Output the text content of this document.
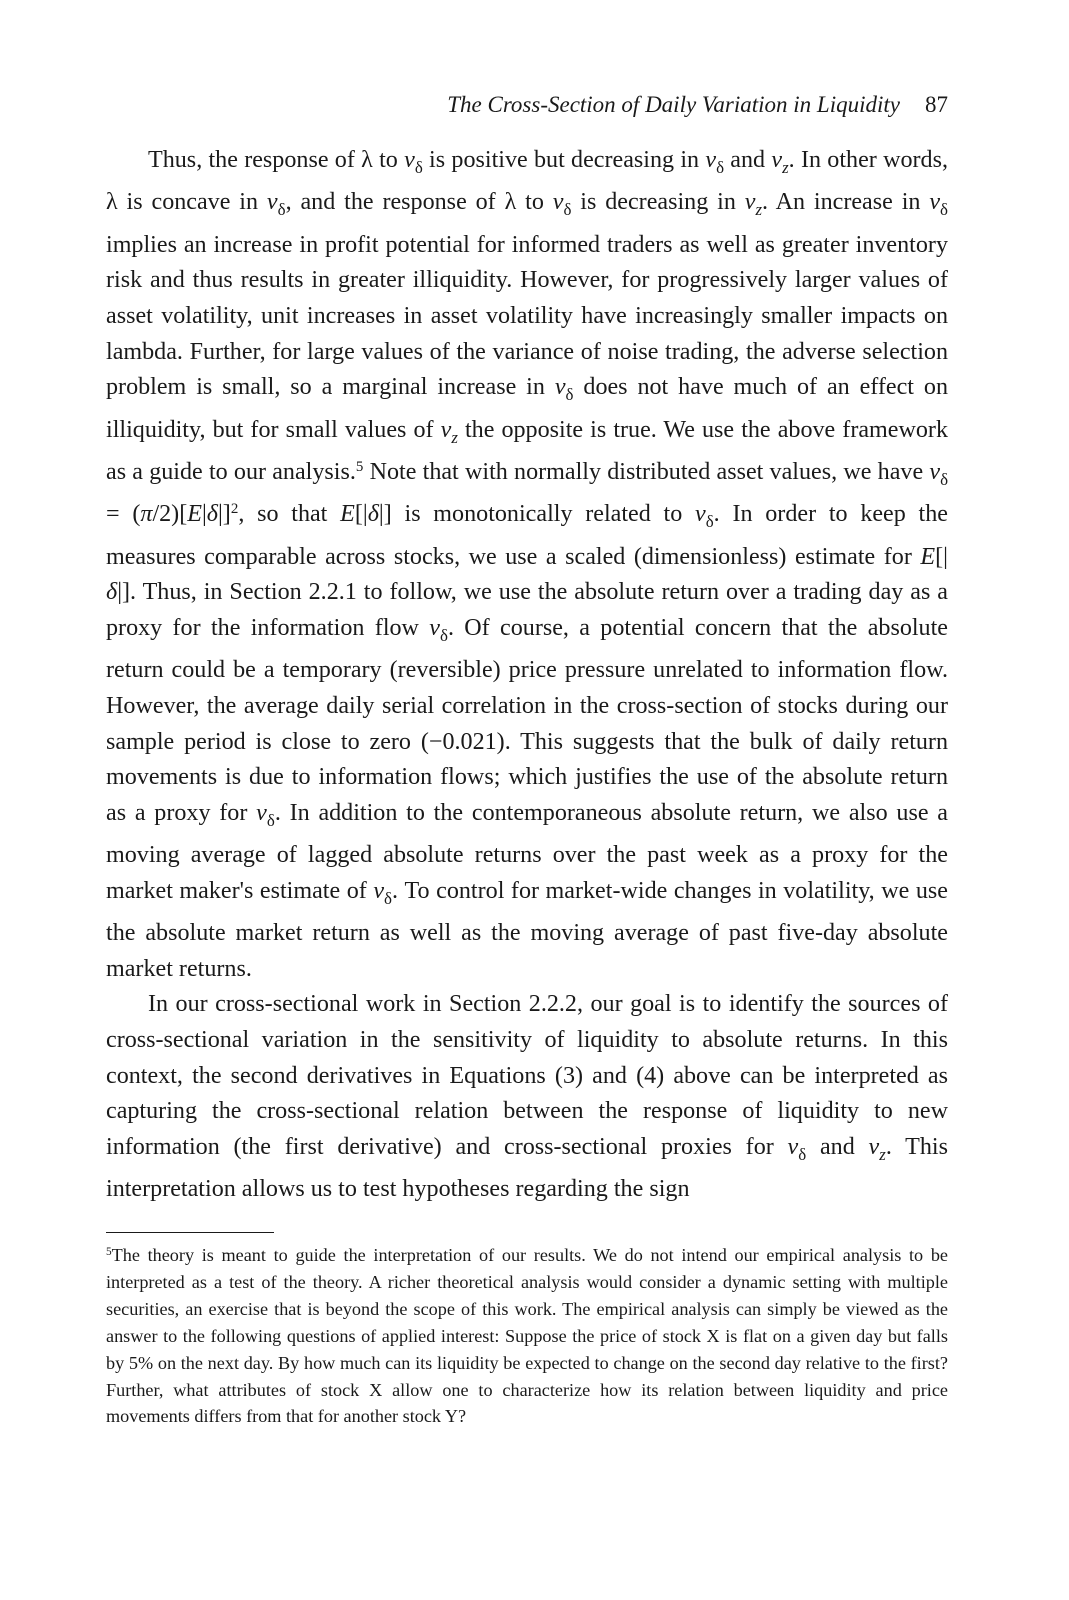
The Cross-Section of Daily Variation in Liquidity 87

Thus, the response of λ to $v_\delta$ is positive but decreasing in $v_\delta$ and $v_z$. In other words, λ is concave in $v_\delta$, and the response of λ to $v_\delta$ is decreasing in $v_z$. An increase in $v_\delta$ implies an increase in profit potential for informed traders as well as greater inventory risk and thus results in greater illiquidity. However, for progressively larger values of asset volatility, unit increases in asset volatility have increasingly smaller impacts on lambda. Further, for large values of the variance of noise trading, the adverse selection problem is small, so a marginal increase in $v_\delta$ does not have much of an effect on illiquidity, but for small values of $v_z$ the opposite is true. We use the above framework as a guide to our analysis.$^5$ Note that with normally distributed asset values, we have $v_\delta = (\pi/2)[E|\delta|]^2$, so that E[|δ|] is monotonically related to $v_\delta$. In order to keep the measures comparable across stocks, we use a scaled (dimensionless) estimate for E[|δ|]. Thus, in Section 2.2.1 to follow, we use the absolute return over a trading day as a proxy for the information flow $v_\delta$. Of course, a potential concern that the absolute return could be a temporary (reversible) price pressure unrelated to information flow. However, the average daily serial correlation in the cross-section of stocks during our sample period is close to zero (−0.021). This suggests that the bulk of daily return movements is due to information flows; which justifies the use of the absolute return as a proxy for $v_\delta$. In addition to the contemporaneous absolute return, we also use a moving average of lagged absolute returns over the past week as a proxy for the market maker's estimate of $v_\delta$. To control for market-wide changes in volatility, we use the absolute market return as well as the moving average of past five-day absolute market returns.

In our cross-sectional work in Section 2.2.2, our goal is to identify the sources of cross-sectional variation in the sensitivity of liquidity to absolute returns. In this context, the second derivatives in Equations (3) and (4) above can be interpreted as capturing the cross-sectional relation between the response of liquidity to new information (the first derivative) and cross-sectional proxies for $v_\delta$ and $v_z$. This interpretation allows us to test hypotheses regarding the sign

$^5$The theory is meant to guide the interpretation of our results. We do not intend our empirical analysis to be interpreted as a test of the theory. A richer theoretical analysis would consider a dynamic setting with multiple securities, an exercise that is beyond the scope of this work. The empirical analysis can simply be viewed as the answer to the following questions of applied interest: Suppose the price of stock X is flat on a given day but falls by 5% on the next day. By how much can its liquidity be expected to change on the second day relative to the first? Further, what attributes of stock X allow one to characterize how its relation between liquidity and price movements differs from that for another stock Y?
